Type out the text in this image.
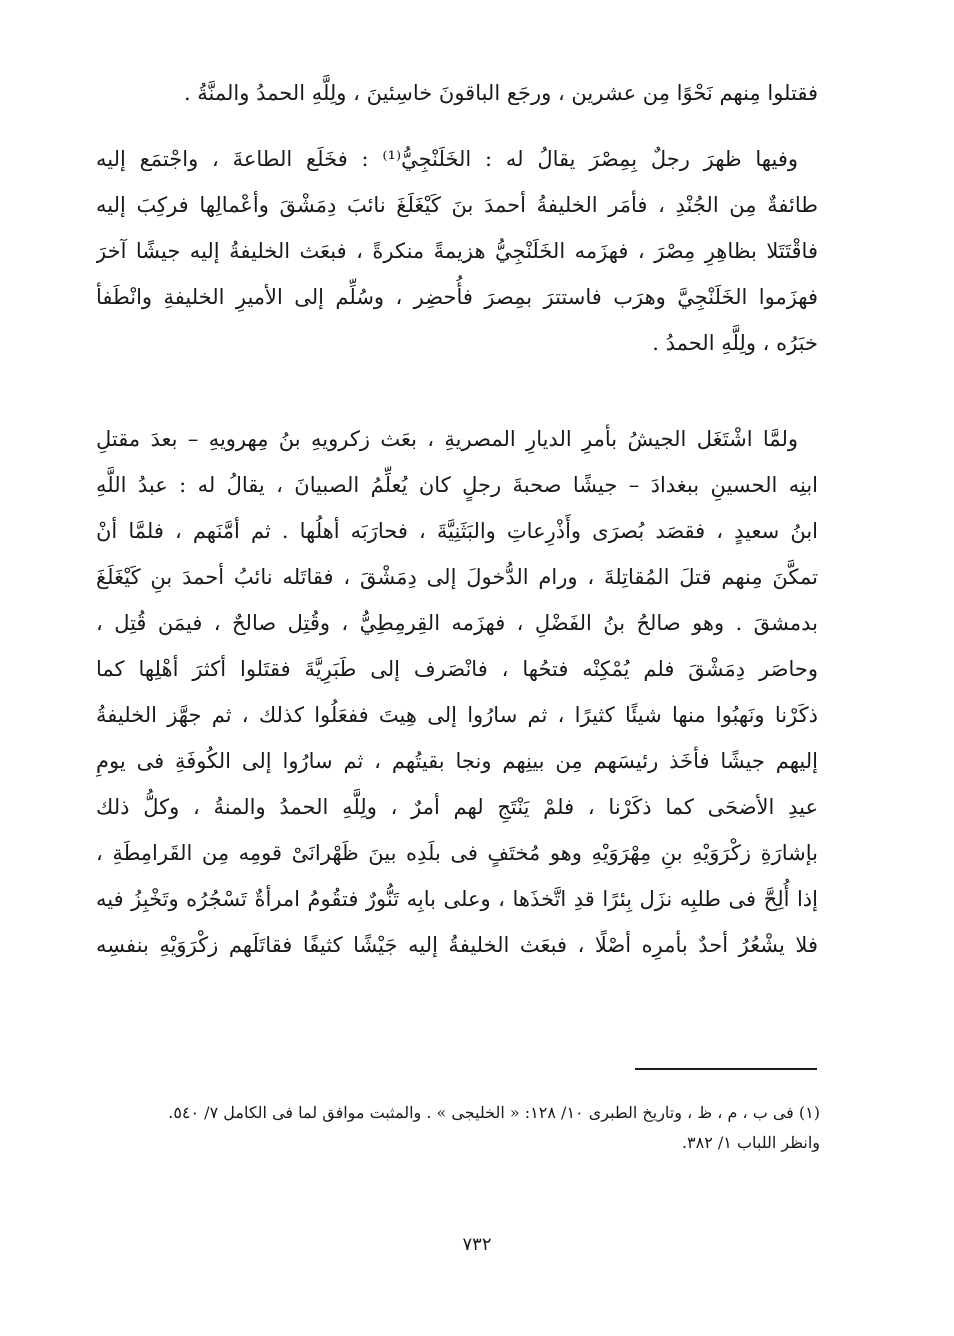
فقتلوا مِنهم نَحْوًا مِن عشرين ، ورجَع الباقونَ خاسِئينَ ، ولِلَّهِ الحمدُ والمنَّةُ .
وفيها ظهرَ رجلٌ بِمِصْرَ يقالُ له : الخَلَنْجِيُّ⁽¹⁾ : فخَلَع الطاعةَ ، واجْتمَع إليه
طائفةٌ مِن الجُنْدِ ، فأمَر الخليفةُ أحمدَ بنَ كَيْغَلَغَ نائبَ دِمَشْقَ وأعْمالِها فركِبَ إليه
فاقْتَتَلا بظاهِرِ مِصْرَ ، فهزَمه الخَلَنْجِيُّ هزيمةً منكرةً ، فبعَث الخليفةُ إليه جيشًا آخرَ
فهزَموا الخَلَنْجِيَّ وهرَب فاستترَ بمِصرَ فأُحضِر ، وسُلِّم إلى الأميرِ الخليفةِ وانْطَفأ
خبَرُه ، ولِلَّهِ الحمدُ .
ولمَّا اشْتَغَل الجيشُ بأمرِ الديارِ المصريةِ ، بعَث زكرويهِ بنُ مِهرويهِ – بعدَ مقتلِ
ابنِه الحسينِ ببغدادَ – جيشًا صحبةَ رجلٍ كان يُعلِّمُ الصبيانَ ، يقالُ له : عبدُ اللَّهِ
ابنُ سعيدٍ ، فقصَد بُصرَى وأَذْرِعاتِ والبَثَنِيَّةَ ، فحارَبَه أهلُها . ثم أمَّنَهم ، فلمَّا أنْ
تمكَّنَ مِنهم قتلَ المُقاتِلةَ ، ورام الدُّخولَ إلى دِمَشْقَ ، فقاتَله نائبُ أحمدَ بنِ كَيْغَلَغَ
بدمشقَ . وهو صالحُ بنُ الفَضْلِ ، فهزَمه القِرمِطِيُّ ، وقُتِل صالحٌ ، فيمَن قُتِل ،
وحاصَر دِمَشْقَ فلم يُمْكِنْه فتحُها ، فانْصَرف إلى طَبَرِيَّةَ فقتَلوا أكثرَ أهْلِها كما
ذكَرْنا ونَهبُوا منها شيئًا كثيرًا ، ثم سارُوا إلى هِيتَ ففعَلُوا كذلك ، ثم جهَّز الخليفةُ
إليهم جيشًا فأخَذ رئيسَهم مِن بينِهم ونجا بقيتُهم ، ثم سارُوا إلى الكُوفَةِ فى يومِ
عيدِ الأضحَى كما ذكَرْنا ، فلمْ يَنْتَجِ لهم أمرٌ ، ولِلَّهِ الحمدُ والمنةُ ، وكلُّ ذلك
بإشارَةِ زكْرَوَيْهِ بنِ مِهْرَوَيْهِ وهو مُختَفٍ فى بلَدِه بينَ ظَهْرانَىْ قومِه مِن القَرامِطَةِ ،
إذا أُلِحَّ فى طلبِه نزَل بِئرًا قدِ اتَّخذَها ، وعلى بابِه تَنُّورٌ فتقُومُ امرأةٌ تَسْجُرُه وتَخْبِزُ فيه
فلا يشْعُرُ أحدٌ بأمرِه أصْلًا ، فبعَث الخليفةُ إليه جَيْشًا كثيفًا فقاتَلَهم زكْرَوَيْهِ بنفسِه
(١) فى ب ، م ، ظ ، وتاريخ الطبرى ١٠/ ١٢٨: « الخليجى » . والمثبت موافق لما فى الكامل ٧/ ٥٤٠.
وانظر اللباب ١/ ٣٨٢.
٧٣٢
